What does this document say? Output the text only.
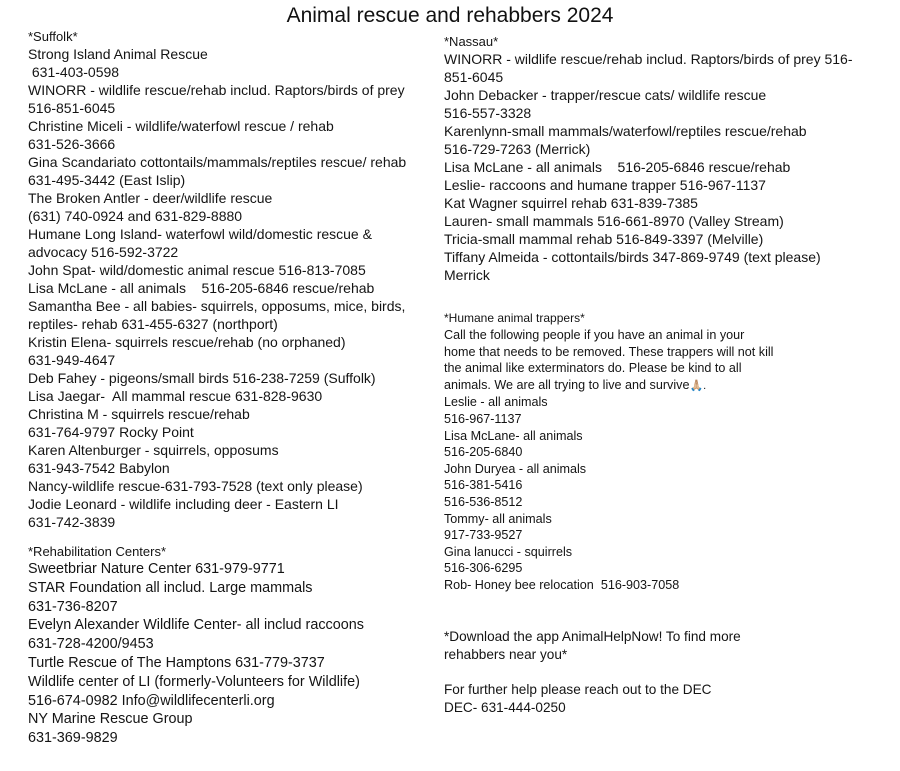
Animal rescue and rehabbers 2024
*Suffolk*
Strong Island Animal Rescue
631-403-0598
WINORR - wildlife rescue/rehab includ. Raptors/birds of prey 516-851-6045
Christine Miceli - wildlife/waterfowl rescue / rehab
631-526-3666
Gina Scandariato cottontails/mammals/reptiles rescue/ rehab 631-495-3442 (East Islip)
The Broken Antler - deer/wildlife rescue
(631) 740-0924 and 631-829-8880
Humane Long Island- waterfowl wild/domestic rescue & advocacy 516-592-3722
John Spat- wild/domestic animal rescue 516-813-7085
Lisa McLane - all animals    516-205-6846 rescue/rehab
Samantha Bee - all babies- squirrels, opposums, mice, birds, reptiles- rehab 631-455-6327 (northport)
Kristin Elena- squirrels rescue/rehab (no orphaned)
631-949-4647
Deb Fahey - pigeons/small birds 516-238-7259 (Suffolk)
Lisa Jaegar-  All mammal rescue 631-828-9630
Christina M - squirrels rescue/rehab
631-764-9797 Rocky Point
Karen Altenburger - squirrels, opposums
631-943-7542 Babylon
Nancy-wildlife rescue-631-793-7528 (text only please)
Jodie Leonard - wildlife including deer - Eastern LI
631-742-3839
*Rehabilitation Centers*
Sweetbriar Nature Center 631-979-9771
STAR Foundation all includ. Large mammals
631-736-8207
Evelyn Alexander Wildlife Center- all includ raccoons
631-728-4200/9453
Turtle Rescue of The Hamptons 631-779-3737
Wildlife center of LI (formerly-Volunteers for Wildlife)
516-674-0982 Info@wildlifecenterli.org
NY Marine Rescue Group
631-369-9829
*Nassau*
WINORR - wildlife rescue/rehab includ. Raptors/birds of prey 516-851-6045
John Debacker - trapper/rescue cats/ wildlife rescue
516-557-3328
Karenlynn-small mammals/waterfowl/reptiles rescue/rehab
516-729-7263 (Merrick)
Lisa McLane - all animals    516-205-6846 rescue/rehab
Leslie- raccoons and humane trapper 516-967-1137
Kat Wagner squirrel rehab 631-839-7385
Lauren- small mammals 516-661-8970 (Valley Stream)
Tricia-small mammal rehab 516-849-3397 (Melville)
Tiffany Almeida - cottontails/birds 347-869-9749 (text please) Merrick
*Humane animal trappers*
Call the following people if you have an animal in your home that needs to be removed. These trappers will not kill the animal like exterminators do. Please be kind to all animals. We are all trying to live and survive🙏🏼.
Leslie - all animals
516-967-1137
Lisa McLane- all animals
516-205-6840
John Duryea - all animals
516-381-5416
516-536-8512
Tommy- all animals
917-733-9527
Gina lanucci - squirrels
516-306-6295
Rob- Honey bee relocation  516-903-7058
*Download the app AnimalHelpNow! To find more rehabbers near you*
For further help please reach out to the DEC
DEC- 631-444-0250
